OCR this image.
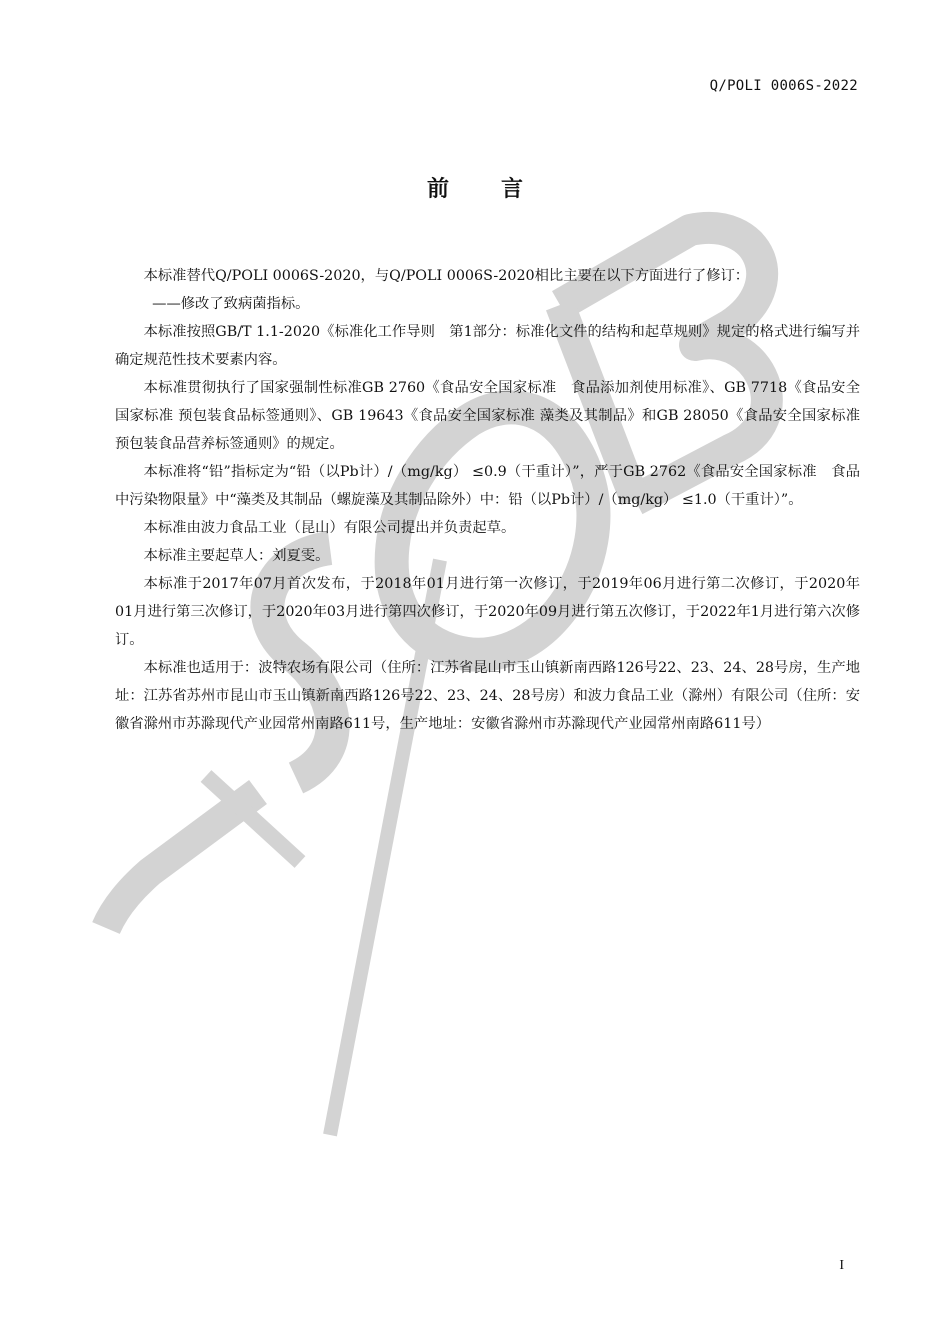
Q/POLI 0006S-2022
前言

本标准替代Q/POLI 0006S-2020，与Q/POLI 0006S-2020相比主要在以下方面进行了修订：

——修改了致病菌指标。

本标准按照GB/T 1.1-2020《标准化工作导则　第1部分：标准化文件的结构和起草规则》规定的格式进行编写并确定规范性技术要素内容。

本标准贯彻执行了国家强制性标准GB 2760《食品安全国家标准　食品添加剂使用标准》、GB 7718《食品安全国家标准 预包装食品标签通则》、GB 19643《食品安全国家标准 藻类及其制品》和GB 28050《食品安全国家标准 预包装食品营养标签通则》的规定。

本标准将“铅”指标定为“铅（以Pb计）/（mg/kg） ≤0.9（干重计）”，严于GB 2762《食品安全国家标准　食品中污染物限量》中“藻类及其制品（螺旋藻及其制品除外）中：铅（以Pb计）/（mg/kg） ≤1.0（干重计）”。

本标准由波力食品工业（昆山）有限公司提出并负责起草。

本标准主要起草人：刘夏雯。

本标准于2017年07月首次发布，于2018年01月进行第一次修订，于2019年06月进行第二次修订，于2020年01月进行第三次修订，于2020年03月进行第四次修订，于2020年09月进行第五次修订，于2022年1月进行第六次修订。

本标准也适用于：波特农场有限公司（住所：江苏省昆山市玉山镇新南西路126号22、23、24、28号房，生产地址：江苏省苏州市昆山市玉山镇新南西路126号22、23、24、28号房）和波力食品工业（滁州）有限公司（住所：安徽省滁州市苏滁现代产业园常州南路611号，生产地址：安徽省滁州市苏滁现代产业园常州南路611号）

I
